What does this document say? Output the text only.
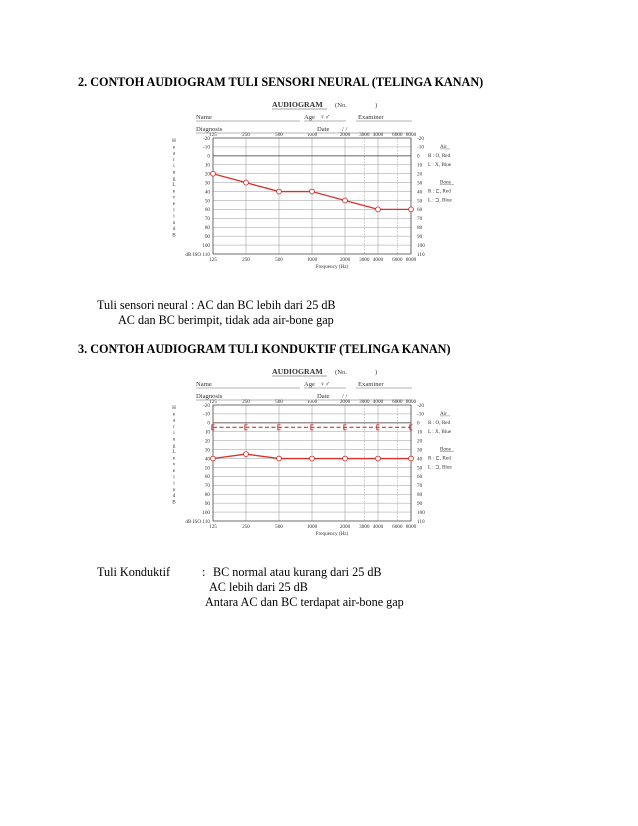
2. CONTOH AUDIOGRAM TULI SENSORI NEURAL (TELINGA KANAN)
AUDIOGRAM (No.	)
Name	Age ♀♂	Examiner
Diagnosis	Date / /
125
125
250
250
500
500
1000
1000
2000
2000
3000
3000
4000
4000
6000
6000
8000
8000
-20	-20
-10	-10
0	0
10	10
20	20
30	30
40	40
50	50
60	60
70	70
80	80
90	90
100	100
dB ISO 110	110
H
e
a
r
i
n
g
L
e
v
e
l
i
n
d
B
Frequency (Hz)
Air
R : O, Red
L : X, Blue
Bone
R : ⊏, Red
L : ⊐, Blue
Tuli sensori neural : AC dan BC lebih dari 25 dB
AC dan BC berimpit, tidak ada air-bone gap
3. CONTOH AUDIOGRAM TULI KONDUKTIF (TELINGA KANAN)
AUDIOGRAM (No.	)
Name	Age ♀♂	Examiner
Diagnosis	Date / /
125
125
250
250
500
500
1000
1000
2000
2000
3000
3000
4000
4000
6000
6000
8000
8000
-20	-20
-10	-10
0	0
10	10
20	20
30	30
40	40
50	50
60	60
70	70
80	80
90	90
100	100
dB ISO 110	110
H
e
a
r
i
n
g
L
e
v
e
l
i
n
d
B
Frequency (Hz)
Air
R : O, Red
L : X, Blue
Bone
R : ⊏, Red
L : ⊐, Blue
Tuli Konduktif	: BC normal atau kurang dari 25 dB
AC lebih dari 25 dB
Antara AC dan BC terdapat air-bone gap
